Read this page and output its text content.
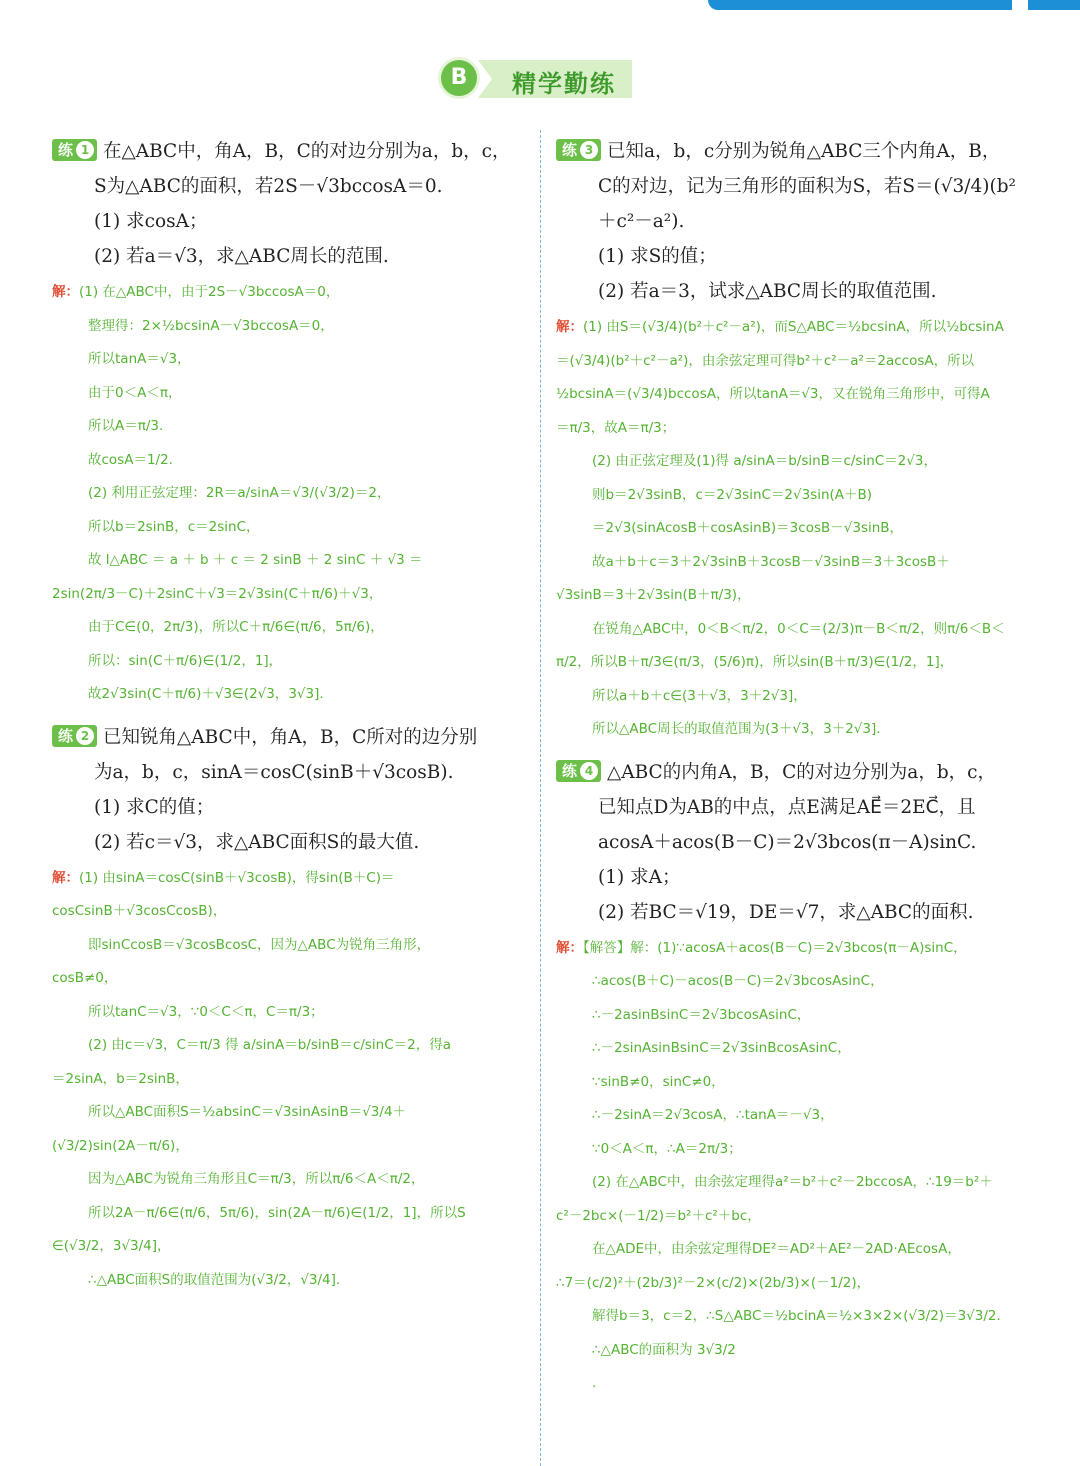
B	精学勤练

练 1 在△ABC中，角A，B，C的对边分别为a，b，c，

S为△ABC的面积，若2S－√3bccosA＝0.

(1) 求cosA；

(2) 若a＝√3，求△ABC周长的范围.

解：(1) 在△ABC中，由于2S－√3bccosA＝0，

整理得：2×½bcsinA－√3bccosA＝0，

所以tanA＝√3，

由于0＜A＜π，

所以A＝π/3.

故cosA＝1/2.

(2) 利用正弦定理：2R＝a/sinA＝√3/(√3/2)＝2，

所以b＝2sinB，c＝2sinC，

故 l△ABC ＝ a ＋ b ＋ c ＝ 2 sinB ＋ 2 sinC ＋ √3 ＝

2sin(2π/3－C)＋2sinC＋√3＝2√3sin(C＋π/6)＋√3，

由于C∈(0，2π/3)，所以C＋π/6∈(π/6，5π/6)，

所以：sin(C＋π/6)∈(1/2，1]，

故2√3sin(C＋π/6)＋√3∈(2√3，3√3].

练 2 已知锐角△ABC中，角A，B，C所对的边分别

为a，b，c，sinA＝cosC(sinB＋√3cosB).

(1) 求C的值；

(2) 若c＝√3，求△ABC面积S的最大值.

解：(1) 由sinA＝cosC(sinB＋√3cosB)，得sin(B＋C)＝

cosCsinB＋√3cosCcosB)，

即sinCcosB＝√3cosBcosC，因为△ABC为锐角三角形，

cosB≠0，

所以tanC＝√3，∵0＜C＜π，C＝π/3；

(2) 由c＝√3，C＝π/3 得 a/sinA＝b/sinB＝c/sinC＝2，得a

＝2sinA，b＝2sinB，

所以△ABC面积S＝½absinC＝√3sinAsinB＝√3/4＋

(√3/2)sin(2A－π/6)，

因为△ABC为锐角三角形且C＝π/3，所以π/6＜A＜π/2，

所以2A－π/6∈(π/6，5π/6)，sin(2A－π/6)∈(1/2，1]，所以S

∈(√3/2，3√3/4]，

∴△ABC面积S的取值范围为(√3/2，√3/4].

练 3 已知a，b，c分别为锐角△ABC三个内角A，B，

C的对边，记为三角形的面积为S，若S＝(√3/4)(b²

＋c²－a²).

(1) 求S的值；

(2) 若a＝3，试求△ABC周长的取值范围.

解：(1) 由S＝(√3/4)(b²＋c²－a²)，而S△ABC＝½bcsinA，所以½bcsinA

＝(√3/4)(b²＋c²－a²)，由余弦定理可得b²＋c²－a²＝2accosA，所以

½bcsinA＝(√3/4)bccosA，所以tanA＝√3，又在锐角三角形中，可得A

＝π/3，故A＝π/3；

(2) 由正弦定理及(1)得 a/sinA＝b/sinB＝c/sinC＝2√3，

则b＝2√3sinB，c＝2√3sinC＝2√3sin(A＋B)

＝2√3(sinAcosB＋cosAsinB)＝3cosB－√3sinB，

故a＋b＋c＝3＋2√3sinB＋3cosB－√3sinB＝3＋3cosB＋

√3sinB＝3＋2√3sin(B＋π/3)，

在锐角△ABC中，0＜B＜π/2，0＜C＝(2/3)π－B＜π/2，则π/6＜B＜

π/2，所以B＋π/3∈(π/3，(5/6)π)，所以sin(B＋π/3)∈(1/2，1]，

所以a＋b＋c∈(3＋√3，3＋2√3]，

所以△ABC周长的取值范围为(3＋√3，3＋2√3].

练 4 △ABC的内角A，B，C的对边分别为a，b，c，

已知点D为AB的中点，点E满足AE⃗＝2EC⃗，且

acosA＋acos(B－C)＝2√3bcos(π－A)sinC.

(1) 求A；

(2) 若BC＝√19，DE＝√7，求△ABC的面积.

解：【解答】解：(1)∵acosA＋acos(B－C)＝2√3bcos(π－A)sinC，

∴acos(B＋C)－acos(B－C)＝2√3bcosAsinC，

∴－2asinBsinC＝2√3bcosAsinC，

∴－2sinAsinBsinC＝2√3sinBcosAsinC，

∵sinB≠0，sinC≠0，

∴－2sinA＝2√3cosA，∴tanA＝－√3，

∵0＜A＜π，∴A＝2π/3；

(2) 在△ABC中，由余弦定理得a²＝b²＋c²－2bccosA，∴19＝b²＋

c²－2bc×(－1/2)＝b²＋c²＋bc，

在△ADE中，由余弦定理得DE²＝AD²＋AE²－2AD·AEcosA，

∴7＝(c/2)²＋(2b/3)²－2×(c/2)×(2b/3)×(－1/2)，

解得b＝3，c＝2，∴S△ABC＝½bcinA＝½×3×2×(√3/2)＝3√3/2.

∴△ABC的面积为 3√3/2

.
